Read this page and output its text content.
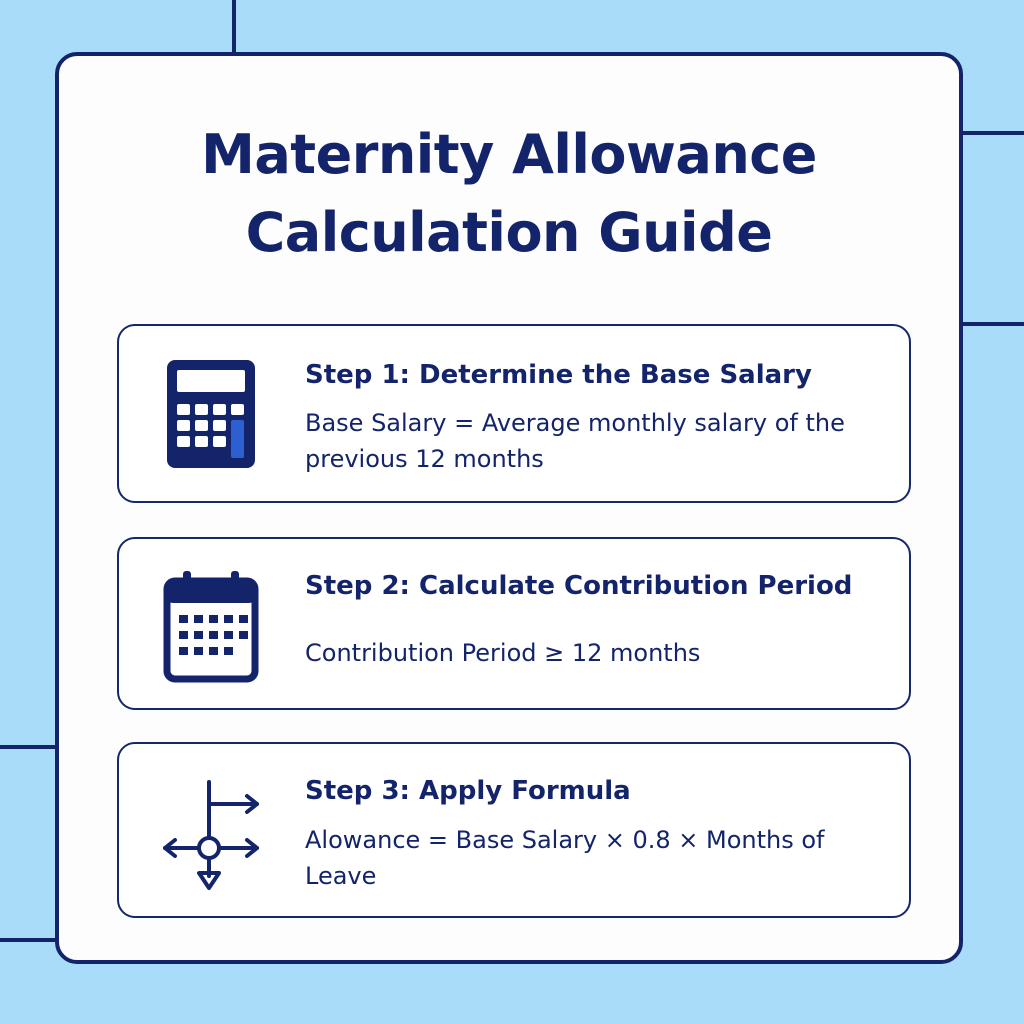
Maternity Allowance
Calculation Guide
Step 1: Determine the Base Salary
Base Salary = Average monthly salary of the previous 12 months
Step 2: Calculate Contribution Period
Contribution Period ≥ 12 months
Step 3: Apply Formula
Alowance = Base Salary × 0.8 × Months of Leave
